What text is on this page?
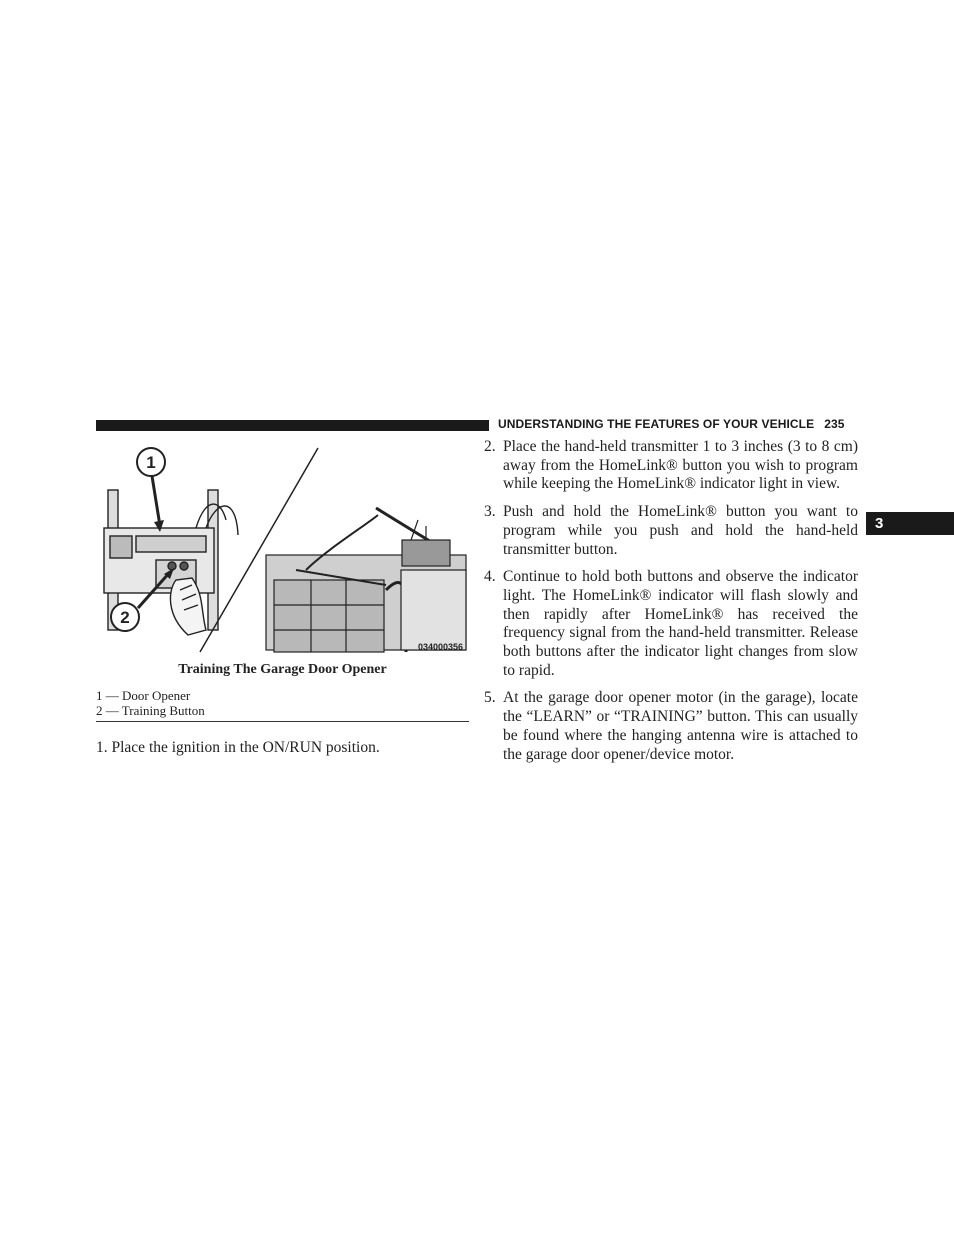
UNDERSTANDING THE FEATURES OF YOUR VEHICLE 235
3
1
2
034000356
Training The Garage Door Opener
1 — Door Opener
2 — Training Button
1. Place the ignition in the ON/RUN position.
2. Place the hand-held transmitter 1 to 3 inches (3 to 8 cm) away from the HomeLink® button you wish to program while keeping the HomeLink® indicator light in view.
3. Push and hold the HomeLink® button you want to program while you push and hold the hand-held transmitter button.
4. Continue to hold both buttons and observe the indicator light. The HomeLink® indicator will flash slowly and then rapidly after HomeLink® has received the frequency signal from the hand-held transmitter. Release both buttons after the indicator light changes from slow to rapid.
5. At the garage door opener motor (in the garage), locate the “LEARN” or “TRAINING” button. This can usually be found where the hanging antenna wire is attached to the garage door opener/device motor.
